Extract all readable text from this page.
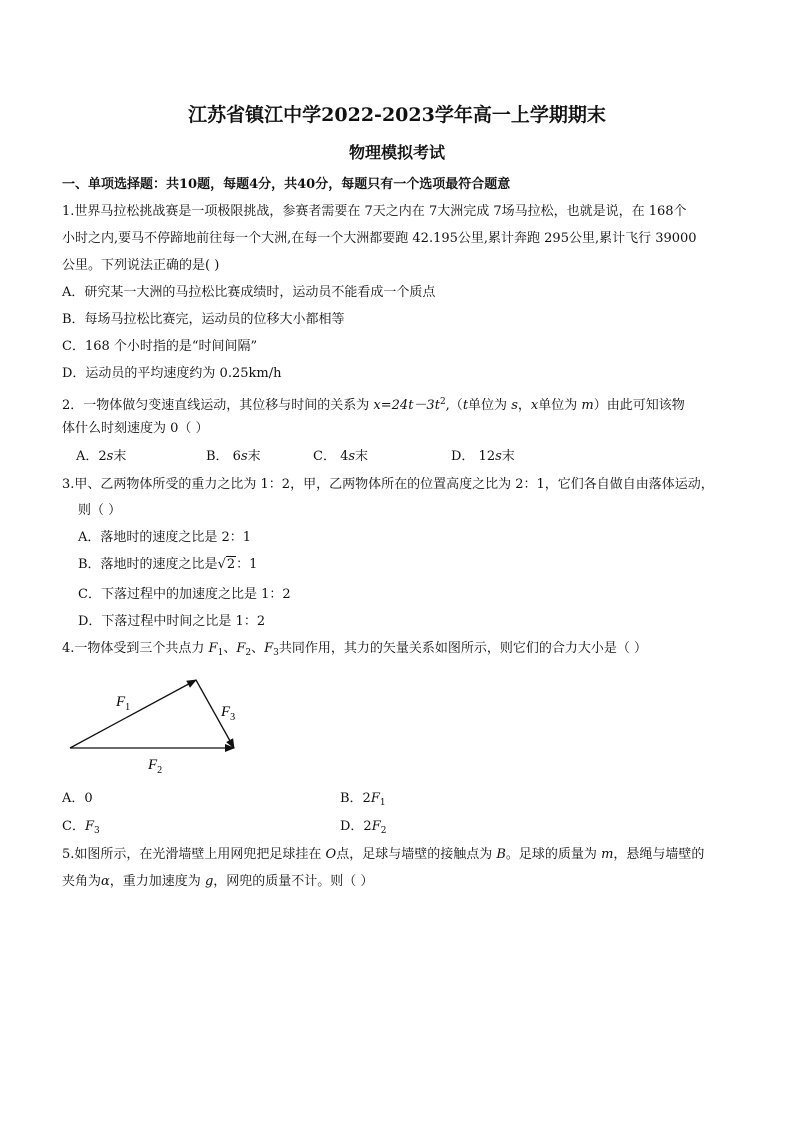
江苏省镇江中学2022-2023学年高一上学期期末
物理模拟考试
一、单项选择题：共10题，每题4分，共40分，每题只有一个选项最符合题意
1.世界马拉松挑战赛是一项极限挑战，参赛者需要在 7天之内在 7大洲完成 7场马拉松，也就是说，在 168个
小时之内,要马不停蹄地前往每一个大洲,在每一个大洲都要跑 42.195公里,累计奔跑 295公里,累计飞行 39000
公里。下列说法正确的是( )
A．研究某一大洲的马拉松比赛成绩时，运动员不能看成一个质点
B．每场马拉松比赛完，运动员的位移大小都相等
C．168 个小时指的是“时间间隔”
D．运动员的平均速度约为 0.25km/h
2．一物体做匀变速直线运动，其位移与时间的关系为 $x=24t-3t^2,(t$单位为 s，x单位为 m）由此可知该物
体什么时刻速度为 0（ ）
A．2s末	B． 6s末	C． 4s末	D． 12s末
3.甲、乙两物体所受的重力之比为 1：2，甲，乙两物体所在的位置高度之比为 2：1，它们各自做自由落体运动，
则（ ）
A．落地时的速度之比是 2：1
B．落地时的速度之比是√2：1
C．下落过程中的加速度之比是 1：2
D．下落过程中时间之比是 1：2
4.一物体受到三个共点力 $F_1$、$F_2$、$F_3$共同作用，其力的矢量关系如图所示，则它们的合力大小是（ ）
$F_1$	$F_3$
$F_2$
A．0	B．$2F_1$
C．$F_3$	D．$2F_2$
5.如图所示，在光滑墙壁上用网兜把足球挂在 O点，足球与墙壁的接触点为 B。足球的质量为 m，悬绳与墙壁的
夹角为α，重力加速度为 g，网兜的质量不计。则（ ）
